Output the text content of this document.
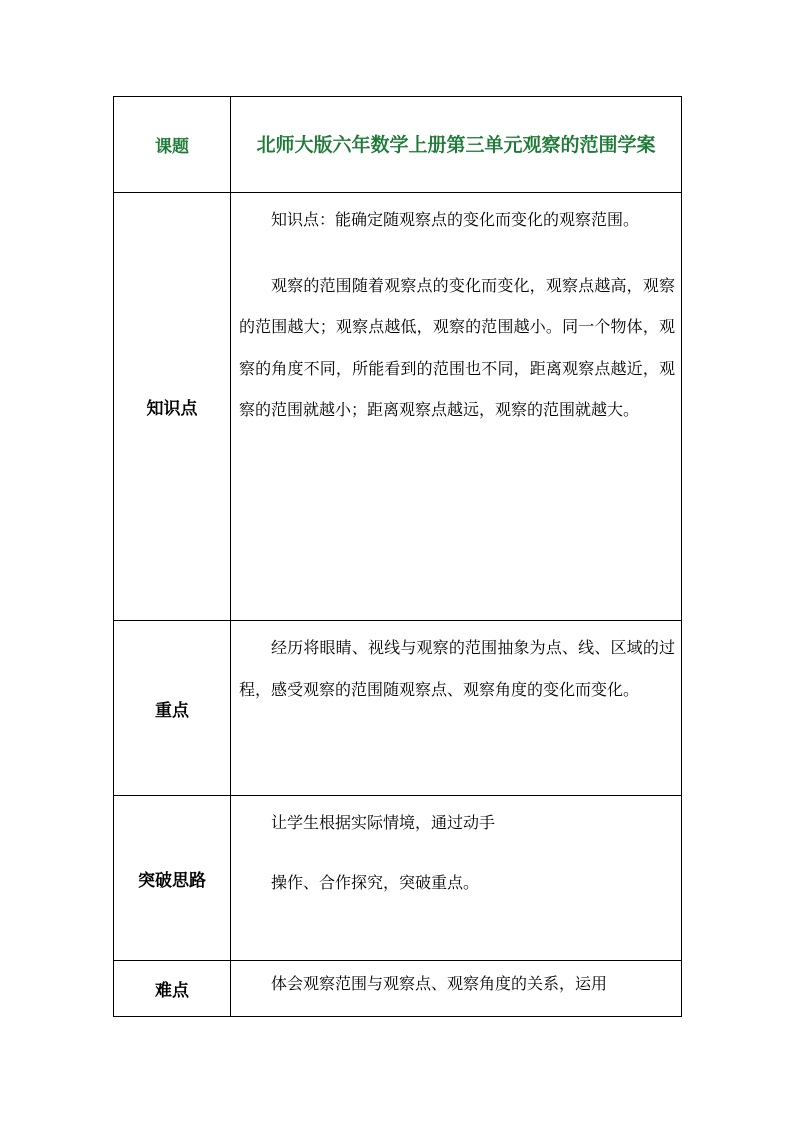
课题	北师大版六年数学上册第三单元观察的范围学案
知识点	知识点：能确定随观察点的变化而变化的观察范围。

观察的范围随着观察点的变化而变化，观察点越高，观察的范围越大；观察点越低，观察的范围越小。同一个物体，观察的角度不同，所能看到的范围也不同，距离观察点越近，观察的范围就越小；距离观察点越远，观察的范围就越大。

重点	经历将眼睛、视线与观察的范围抽象为点、线、区域的过程，感受观察的范围随观察点、观察角度的变化而变化。

突破思路	让学生根据实际情境，通过动手

操作、合作探究，突破重点。

难点	体会观察范围与观察点、观察角度的关系，运用
